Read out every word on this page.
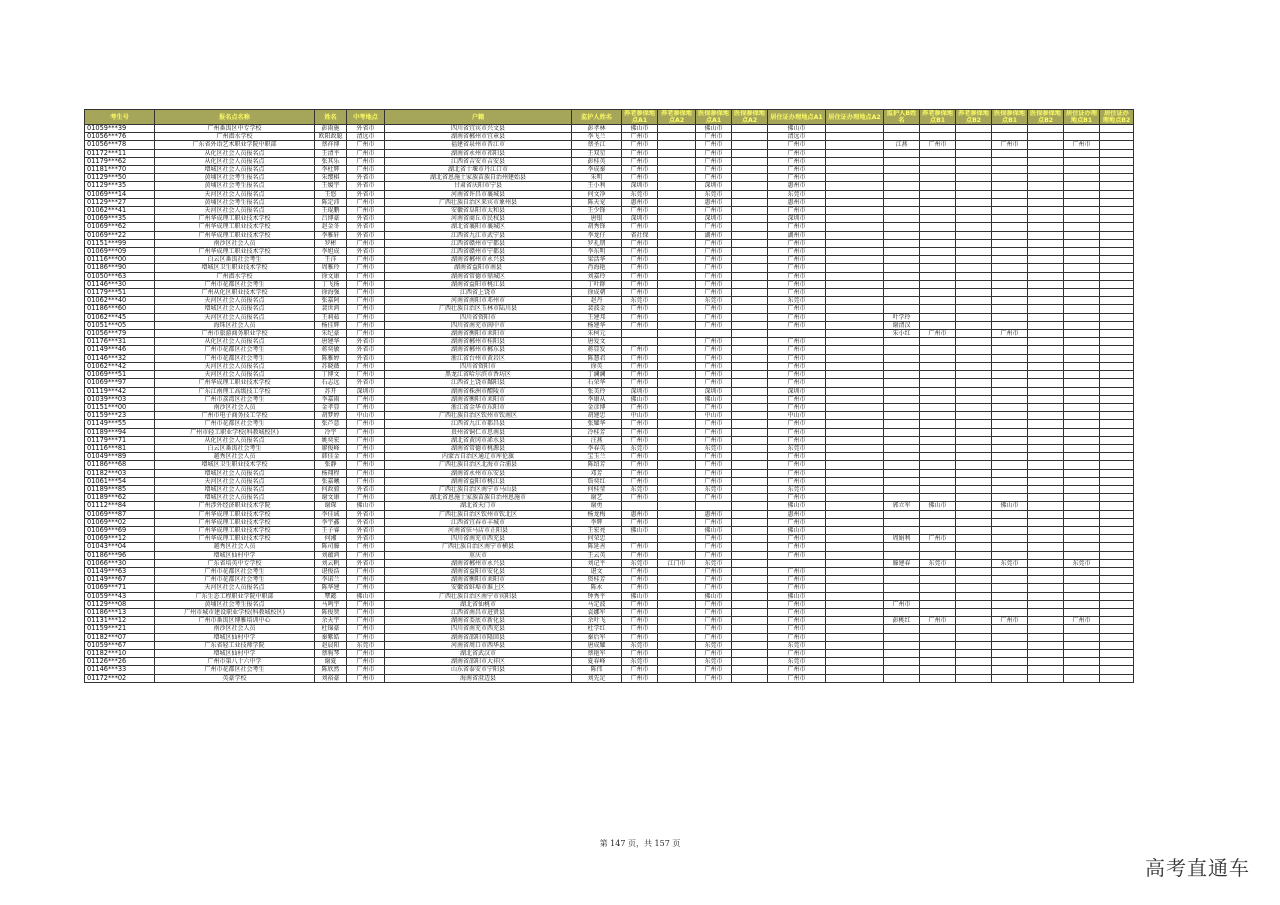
考生号	报名点名称	姓名	中考地点	户籍	监护人姓名	养老参保地点A1	养老参保地点A2	医保参保地点A1	医保参保地点A2	居住证办理地点A1	居住证办理地点A2	监护人B姓名	养老参保地点B1	养老参保地点B2	医保参保地点B1	医保参保地点B2	居住证办理地点B1	居住证办理地点B2
01059***39	广州番禺区中专学校	彭雨施	外省市	四川省宜宾市兴文县	彭孝林	佛山市		佛山市		佛山市								
01056***76	广州潜水学校	欧阳政聪	清远市	湖南省郴州市宜章县	李飞兰	广州市		广州市		清远市								
01056***78	广东省外语艺术职业学院中职部	蔡祥博	广州市	福建省泉州市晋江市	蔡圣江	广州市		广州市		广州市		江燕	广州市		广州市		广州市	
01172***11	从化区社会人员报名点	王清平	广州市	湖南省永州市祁阳县	王双星	广州市		广州市		广州市								
01179***62	从化区社会人员报名点	张其乐	广州市	江西省吉安市吉安县	彭桂英	广州市		广州市		广州市								
01181***70	增城区社会人员报名点	李杜辉	广州市	湖北省十堰市丹江口市	李成秦	广州市		广州市		广州市								
01129***50	黄埔区社会考生报名点	朱缨棋	外省市	湖北省恩施土家族苗族自治州建始县	朱明	广州市		广州市		广州市								
01129***35	黄埔区社会考生报名点	王媛宇	外省市	甘肃省庆阳市宁县	王小利	深圳市		深圳市		惠州市								
01069***14	天河区社会人员报名点	王悠	外省市	河南省许昌市襄城县	何文净	东莞市		东莞市		东莞市								
01129***27	黄埔区社会考生报名点	陈定沛	广州市	广西壮族自治区来宾市象州县	陈天宠	惠州市		惠州市		惠州市								
01062***41	天河区社会人员报名点	王琨鹏	广州市	安徽省阜阳市太和县	王少锋	广州市		广州市		广州市								
01069***35	广州华成理工职业技术学校	吕博豪	外省市	河南省商丘市民权县	唐银	深圳市		深圳市		深圳市								
01069***62	广州华成理工职业技术学校	赵金冬	外省市	湖北省襄阳市襄城区	胡秀锋	广州市		广州市		广州市								
01069***22	广州华成理工职业技术学校	李雅轩	外省市	江西省九江市武宁县	李龙仔	省社保		湖州市		湖州市								
01151***99	南沙区社会人员	罗彬	广州市	江西省赣州市宁都县	罗礼朋	广州市		广州市		广州市								
01069***09	广州华成理工职业技术学校	李旭成	外省市	江西省赣州市宁都县	李东明	广州市		广州市		广州市								
01116***00	白云区番禺社会考生	王洋	广州市	湖南省郴州市永兴县	梁活华	广州市		广州市		广州市								
01186***90	增城区卫生职业技术学校	周雅玲	广州市	湖南省益阳市南县	肖海艳	广州市		广州市		广州市								
01050***63	广州潜水学校	徐文康	广州市	湖南省常德市鼎城区	刘嘉玲	广州市		广州市		广州市								
01146***30	广州市花都区社会考生	丁飞扬	广州市	湖南省益阳市桃江县	丁叶群	广州市		广州市		广州市								
01179***51	广州从化区职业技术学校	徐海强	广州市	江西省上饶市	徐成朝	广州市		广州市		广州市								
01062***40	天河区社会人员报名点	张嘉阿	广州市	河南省南阳市邓州市	赵丹	东莞市		东莞市		东莞市								
01186***60	增城区社会人员报名点	裴世鸿	广州市	广西壮族自治区玉林市陆川县	裴波金	广州市		广州市		广州市								
01062***45	天河区社会人员报名点	王莉茹	广州市	四川省资阳市	王建邦	广州市		广州市		广州市		叶学玲						
01051***05	海珠区社会人员	杨佳辉	广州市	四川省南充市阆中市	杨建华	广州市		广州市		广州市		谢清汉						
01056***79	广州市旅游商务职业学校	朱纪豪	广州市	湖南省衡阳市耒阳市	朱柯元							朱小红	广州市		广州市			
01176***31	从化区社会人员报名点	唐建华	外省市	湖南省郴州市桂阳县	唐爱文			广州市		广州市								
01149***46	广州市花都区社会考生	蒋奕敏	外省市	湖南省郴州市郴东县	蒋显发	广州市		广州市		广州市								
01146***32	广州市花都区社会考生	陈雅婷	外省市	浙江省台州市黄岩区	陈慧君	广州市		广州市		广州市								
01062***42	天河区社会人员报名点	苏晓薇	广州市	四川省资阳市	徐英	广州市		广州市		广州市								
01069***51	天河区社会人员报名点	丁博文	广州市	黑龙江省哈尔滨市香坊区	丁澜澜	广州市		广州市		广州市								
01069***97	广州华成理工职业技术学校	石志远	外省市	江西省上饶市鄱阳县	石荣华	广州市		广州市		广州市								
01119***42	广东江南理工高级技工学校	苏开	深圳市	湖南省株洲市醴陵市	张美玲	深圳市		深圳市		深圳市								
01039***03	广州市荔湾区社会考生	李嘉雨	广州市	湖南省衡阳市耒阳市	李康从	佛山市		佛山市		广州市								
01151***00	南沙区社会人员	金孝显	广州市	浙江省金华市东阳市	金彦博	广州市		广州市		广州市								
01159***23	广州市电子商务技工学校	胡梦婷	中山市	广西壮族自治区钦州市钦南区	胡建忠	中山市		中山市		中山市								
01149***55	广州市花都区社会考生	张芦意	广州市	江西省九江市都昌县	张耀华	广州市		广州市		广州市								
01189***94	广州市轻工职业学校(科教城校区)	冷宇	广州市	贵州省铜仁市思南县	冷桂芳	广州市		广州市		广州市								
01179***71	从化区社会人员报名点	姚奕宏	广州市	湖北省黄冈市浠水县	汪燕	广州市		广州市		广州市								
01116***81	白云区番禺社会考生	廖俊峰	广州市	湖南省常德市桃源县	李春英	东莞市		东莞市		东莞市								
01049***89	越秀区社会人员	韩佳金	广州市	内蒙古自治区通辽市库伦旗	宝玉兰	广州市		广州市		广州市								
01186***68	增城区卫生职业技术学校	张静	广州市	广西壮族自治区北海市合浦县	陈绍芳	广州市		广州市		广州市								
01182***03	增城区社会人员报名点	杨翔程	广州市	湖南省永州市东安县	邓芳	广州市		广州市		广州市								
01061***54	天河区社会人员报名点	张嘉曦	广州市	湖南省益阳市桃江县	詹奕红	广州市		广州市		广州市								
01189***85	增城区社会人员报名点	何政毅	外省市	广西壮族自治区南宁市马山县	何桂莹	东莞市		东莞市		东莞市								
01189***62	增城区社会人员报名点	谢文康	广州市	湖北省恩施土家族苗族自治州恩施市	谢艺	广州市		广州市		广州市								
01112***84	广州涉外经济职业技术学院	谢琛	佛山市	湖北省天门市	谢勇					佛山市		郭立军	佛山市		佛山市			
01069***87	广州华成理工职业技术学校	李佳诚	外省市	广西壮族自治区钦州市钦北区	杨龙梅	惠州市		惠州市		惠州市								
01069***02	广州华成理工职业技术学校	李宇鑫	外省市	江西省宜春市丰城市	李辉	广州市		广州市		广州市								
01069***69	广州华成理工职业技术学校	王子睿	外省市	河南省驻马店市正阳县	王宏亮	佛山市		佛山市		佛山市								
01069***12	广州华成理工职业技术学校	何湘	外省市	四川省南充市西充县	何荣忠			广州市		广州市		周娟利	广州市					
01043***04	越秀区社会人员	陈司滕	广州市	广西壮族自治区南宁市横县	陈延善	广州市		广州市		广州市								
01186***96	增城区仙村中学	刘蕴鸿	广州市	重庆市	王云英	广州市		广州市		广州市								
01066***30	广东省培英中专学校	刘云帆	外省市	湖南省郴州市永兴县	刘记平	东莞市	江门市	东莞市				滕建春	东莞市		东莞市		东莞市	
01149***63	广州市花都区社会考生	谌俊浩	广州市	湖南省益阳市安化县	谌文	广州市		广州市		广州市								
01149***67	广州市花都区社会考生	李诺兰	广州市	湖南省衡阳市耒阳市	资桂芳	广州市		广州市		广州市								
01069***71	天河区社会人员报名点	陈华建	广州市	安徽省蚌埠市淮上区	陈永	广州市		广州市		广州市								
01059***43	广东生态工程职业学院中职部	覃懿	佛山市	广西壮族自治区南宁市宾阳县	钟秀平	佛山市		佛山市		佛山市								
01129***08	黄埔区社会考生报名点	马鸣宇	广州市	湖北省仙桃市	马定波	广州市		广州市		广州市		广州市						
01186***13	广州市城市建设职业学校(科教城校区)	陈俊贤	广州市	江西省南昌市进贤县	袁娜军	广州市		广州市		广州市								
01131***12	广州市番禺区博雅培训中心	余天宇	广州市	湖南省娄底市新化县	余叶飞	广州市		广州市		广州市		彭桃红	广州市		广州市		广州市	
01159***21	南沙区社会人员	杜锦豪	广州市	四川省南充市西充县	杜学红	广州市		广州市		广州市								
01182***07	增城区仙村中学	秦紫皓	广州市	湖南省邵阳市隆回县	秦后军	广州市		广州市		广州市								
01059***67	广东省轻工业技师学院	赵晨阳	东莞市	河南省周口市西华县	唐成耀	东莞市		东莞市		东莞市								
01182***10	增城区仙村中学	蔡驹琴	广州市	湖北省武汉市	蔡艳军	广州市		广州市		广州市								
01126***26	广州市第八十六中学	谢夏	广州市	湖南省邵阳市大祥区	夏春峰	东莞市		东莞市		东莞市								
01146***33	广州市花都区社会考生	陈欣然	广州市	山东省泰安市宁阳县	陈伟	广州市		广州市		广州市								
01172***02	英豪学校	刘裕豪	广州市	海南省澄迈县	刘先足	广州市		广州市		广州市								
第 147 页，共 157 页
高考直通车
